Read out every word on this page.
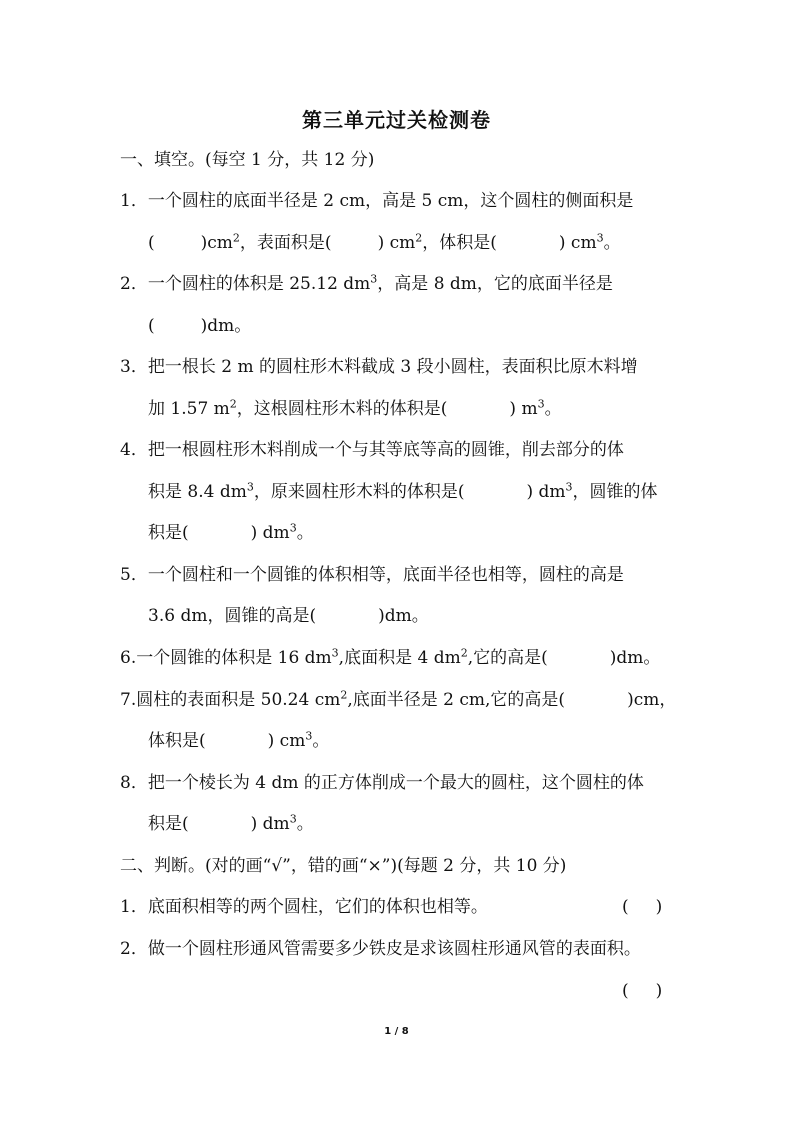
第三单元过关检测卷
一、填空。(每空 1 分，共 12 分)
1．一个圆柱的底面半径是 2 cm，高是 5 cm，这个圆柱的侧面积是
(	)$cm^2$，表面积是(	) $cm^2$，体积是(	) $cm^3$。
2．一个圆柱的体积是 25.12 $dm^3$，高是 8 dm，它的底面半径是
(	)dm。
3．把一根长 2 m 的圆柱形木料截成 3 段小圆柱，表面积比原木料增
加 1.57 $m^2$，这根圆柱形木料的体积是(	) $m^3$。
4．把一根圆柱形木料削成一个与其等底等高的圆锥，削去部分的体
积是 8.4 $dm^3$，原来圆柱形木料的体积是(	) $dm^3$，圆锥的体
积是(	) $dm^3$。
5．一个圆柱和一个圆锥的体积相等，底面半径也相等，圆柱的高是
3.6 dm，圆锥的高是(	)dm。
6.一个圆锥的体积是 16 $dm^3$,底面积是 4 $dm^2$,它的高是(	)dm。
7.圆柱的表面积是 50.24 $cm^2$,底面半径是 2 cm,它的高是(	)cm，
体积是(	) $cm^3$。
8．把一个棱长为 4 dm 的正方体削成一个最大的圆柱，这个圆柱的体
积是(	) $dm^3$。
二、判断。(对的画“√”，错的画“×”)(每题 2 分，共 10 分)
1．底面积相等的两个圆柱，它们的体积也相等。	(     )
2．做一个圆柱形通风管需要多少铁皮是求该圆柱形通风管的表面积。
(     )
1 / 8
